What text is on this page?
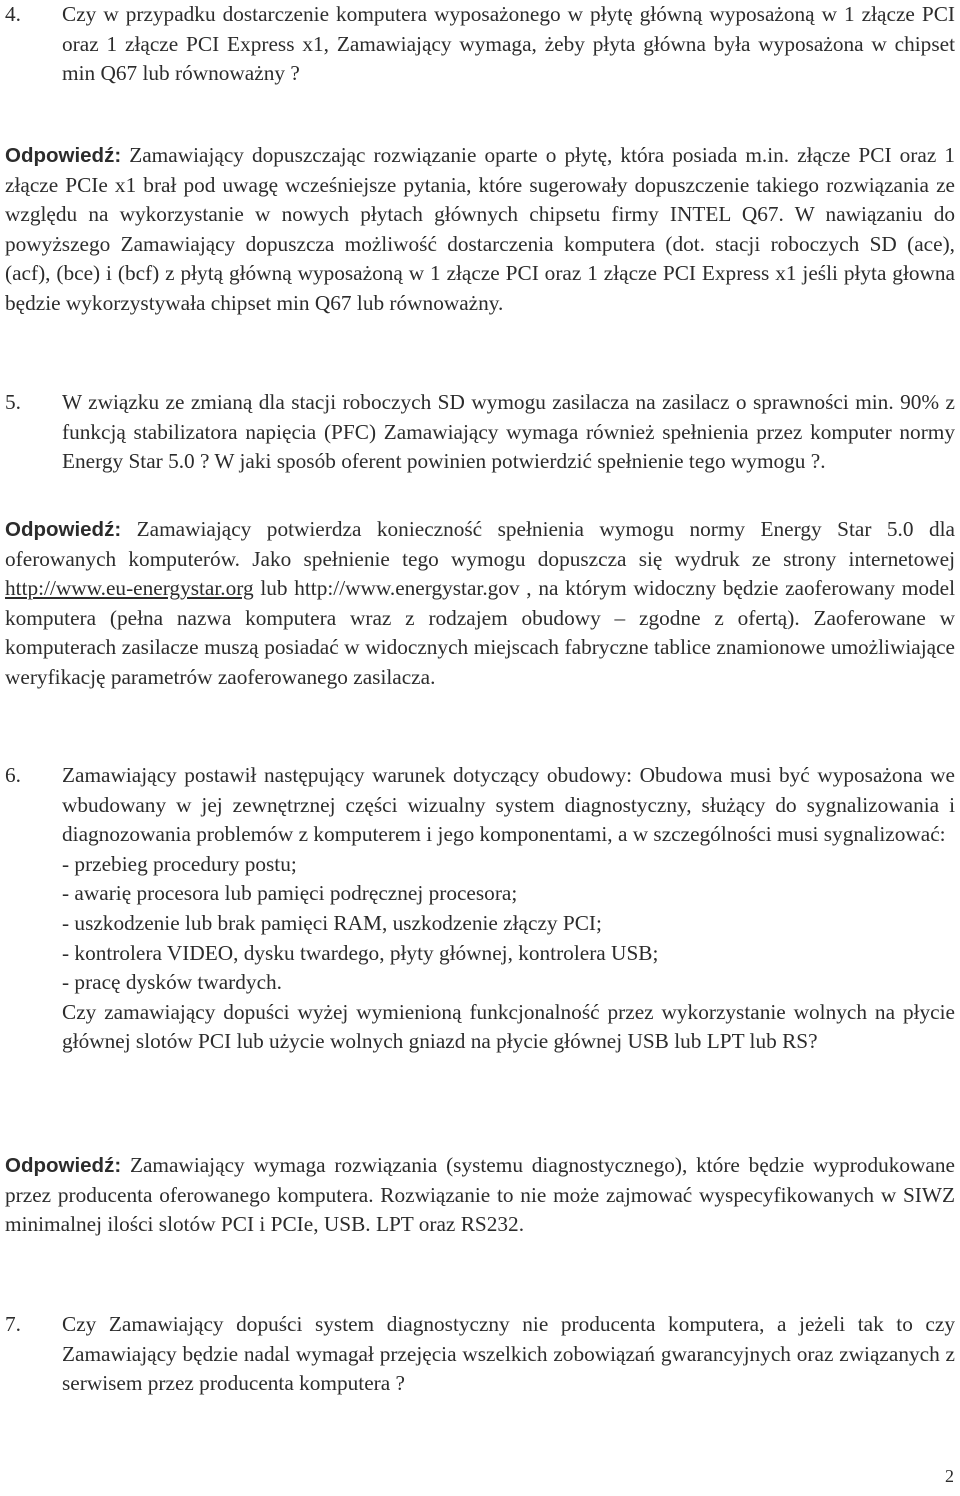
4. Czy w przypadku dostarczenie komputera wyposażonego w płytę główną wyposażoną w 1 złącze PCI oraz 1 złącze PCI Express x1, Zamawiający wymaga, żeby płyta główna była wyposażona w chipset min Q67 lub równoważny ?
Odpowiedź: Zamawiający dopuszczając rozwiązanie oparte o płytę, która posiada m.in. złącze PCI oraz 1 złącze PCIe x1 brał pod uwagę wcześniejsze pytania, które sugerowały dopuszczenie takiego rozwiązania ze względu na wykorzystanie w nowych płytach głównych chipsetu firmy INTEL Q67. W nawiązaniu do powyższego Zamawiający dopuszcza możliwość dostarczenia komputera (dot. stacji roboczych SD (ace), (acf), (bce) i (bcf) z płytą główną wyposażoną w 1 złącze PCI oraz 1 złącze PCI Express x1 jeśli płyta głowna będzie wykorzystywała chipset min Q67 lub równoważny.
5. W związku ze zmianą dla stacji roboczych SD wymogu zasilacza na zasilacz o sprawności min. 90% z funkcją stabilizatora napięcia (PFC) Zamawiający wymaga również spełnienia przez komputer normy Energy Star 5.0 ? W jaki sposób oferent powinien potwierdzić spełnienie tego wymogu ?.
Odpowiedź: Zamawiający potwierdza konieczność spełnienia wymogu normy Energy Star 5.0 dla oferowanych komputerów. Jako spełnienie tego wymogu dopuszcza się wydruk ze strony internetowej http://www.eu-energystar.org lub http://www.energystar.gov , na którym widoczny będzie zaoferowany model komputera (pełna nazwa komputera wraz z rodzajem obudowy – zgodne z ofertą). Zaoferowane w komputerach zasilacze muszą posiadać w widocznych miejscach fabryczne tablice znamionowe umożliwiające weryfikację parametrów zaoferowanego zasilacza.
6. Zamawiający postawił następujący warunek dotyczący obudowy: Obudowa musi być wyposażona we wbudowany w jej zewnętrznej części wizualny system diagnostyczny, służący do sygnalizowania i diagnozowania problemów z komputerem i jego komponentami, a w szczególności musi sygnalizować:
- przebieg procedury postu;
- awarię procesora lub pamięci podręcznej procesora;
- uszkodzenie lub brak pamięci RAM, uszkodzenie złączy PCI;
- kontrolera VIDEO, dysku twardego, płyty głównej, kontrolera USB;
- pracę dysków twardych.
Czy zamawiający dopuści wyżej wymienioną funkcjonalność przez wykorzystanie wolnych na płycie głównej slotów PCI lub użycie wolnych gniazd na płycie głównej USB lub LPT lub RS?
Odpowiedź: Zamawiający wymaga rozwiązania (systemu diagnostycznego), które będzie wyprodukowane przez producenta oferowanego komputera. Rozwiązanie to nie może zajmować wyspecyfikowanych w SIWZ minimalnej ilości slotów PCI i PCIe, USB. LPT oraz RS232.
7. Czy Zamawiający dopuści system diagnostyczny nie producenta komputera, a jeżeli tak to czy Zamawiający będzie nadal wymagał przejęcia wszelkich zobowiązań gwarancyjnych oraz związanych z serwisem przez producenta komputera ?
2
